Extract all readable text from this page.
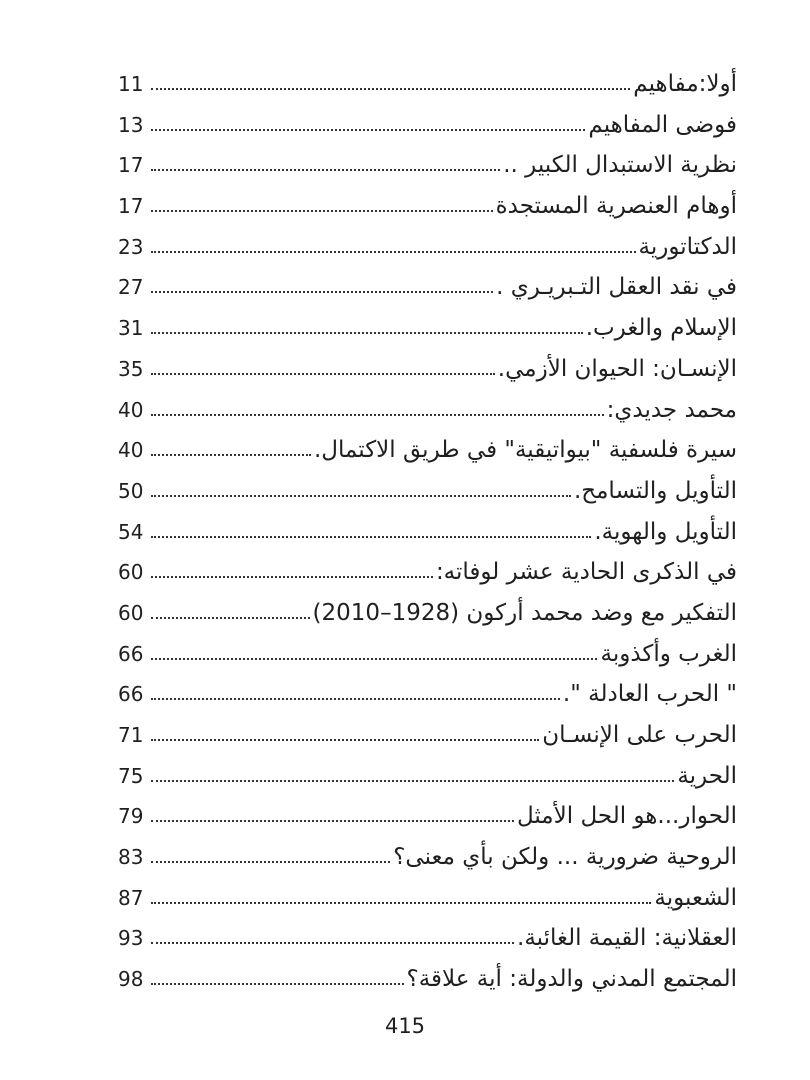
أولا:مفاهيم
11
فوضى المفاهيم
13
نظرية الاستبدال الكبير ..
17
أوهام العنصرية المستجدة
17
الدكتاتورية
23
في نقد العقل التـبريـري .
27
الإسلام والغرب.
31
الإنسـان: الحيوان الأزمي.
35
محمد جديدي:
40
سيرة فلسفية "بيواتيقية" في طريق الاكتمال.
40
التأويل والتسامح.
50
التأويل والهوية.
54
في الذكرى الحادية عشر لوفاته:
60
التفكير مع وضد محمد أركون (1928–2010)
60
الغرب وأكذوبة
66
" الحرب العادلة ".
66
الحرب على الإنسـان
71
الحرية
75
الحوار...هو الحل الأمثل
79
الروحية ضرورية ... ولكن بأي معنى؟
83
الشعبوية
87
العقلانية: القيمة الغائبة.
93
المجتمع المدني والدولة: أية علاقة؟
98
415
